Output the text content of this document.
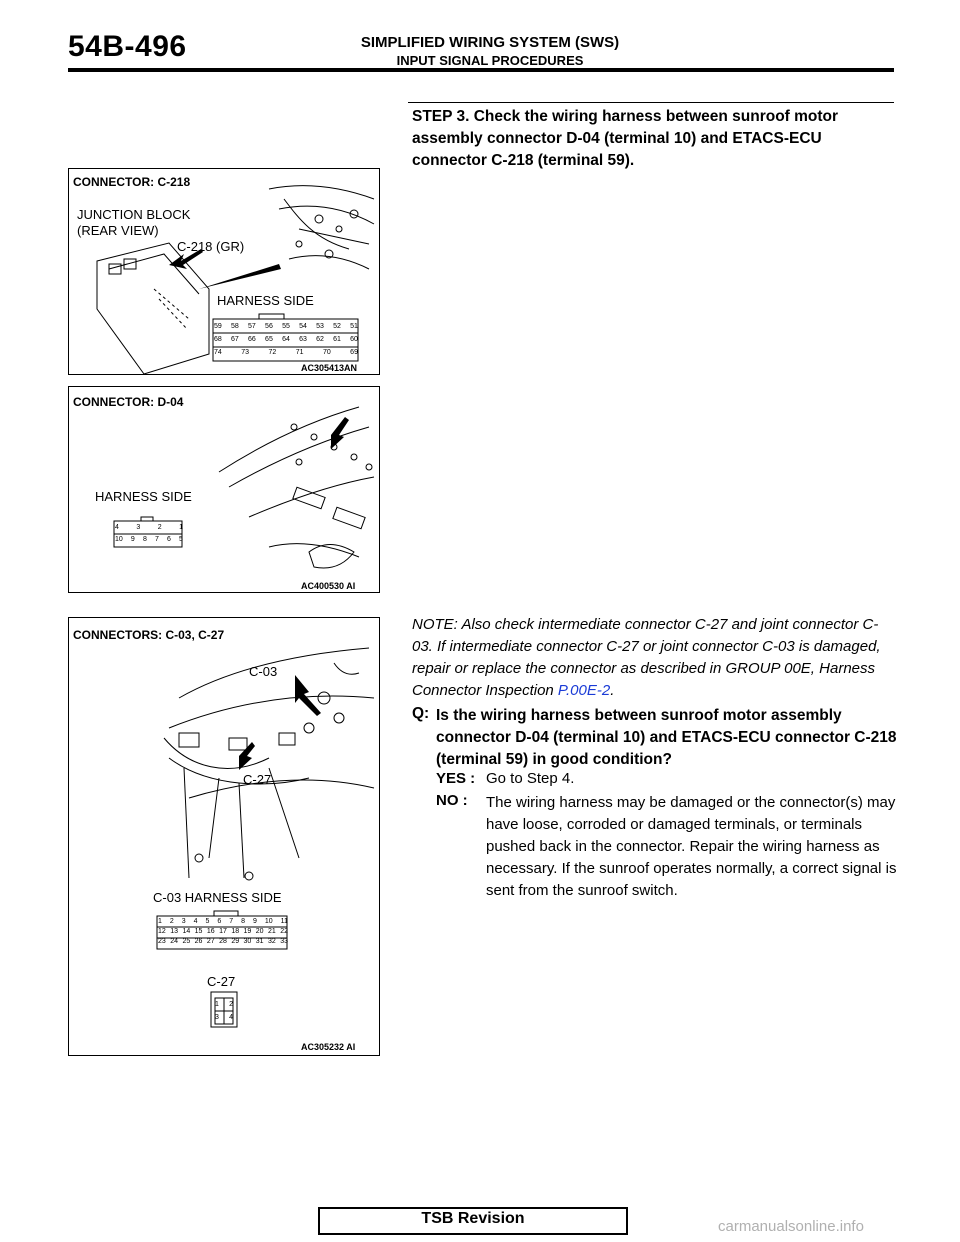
54B-496	SIMPLIFIED WIRING SYSTEM (SWS)
INPUT SIGNAL PROCEDURES
STEP 3. Check the wiring harness between sunroof motor assembly connector D-04 (terminal 10) and ETACS-ECU connector C-218 (terminal 59).
CONNECTOR: C-218
JUNCTION BLOCK
(REAR VIEW)
C-218 (GR)
HARNESS SIDE
59 58 57 56 55 54 53 52 51
68 67 66 65 64 63 62 61 60
74	73	72	71	70	69
AC305413AN
CONNECTOR: D-04
HARNESS SIDE
4 3 2 1
10 9 8 7 6 5
AC400530 AI
CONNECTORS: C-03, C-27
C-03
C-27
C-03 HARNESS SIDE
1 2 3 4 5 6 7 8 9 10 11
12 13 14 15 16 17 18 19 20 21 22
23 24 25 26 27 28 29 30 31 32 33
C-27
1 2
3 4
AC305232 AI
NOTE: Also check intermediate connector C-27 and joint connector C-03. If intermediate connector C-27 or joint connector C-03 is damaged, repair or replace the connector as described in GROUP 00E, Harness Connector Inspection P.00E-2.
Q: Is the wiring harness between sunroof motor assembly connector D-04 (terminal 10) and ETACS-ECU connector C-218 (terminal 59) in good condition?
YES : Go to Step 4.
NO : The wiring harness may be damaged or the connector(s) may have loose, corroded or damaged terminals, or terminals pushed back in the connector. Repair the wiring harness as necessary. If the sunroof operates normally, a correct signal is sent from the sunroof switch.
TSB Revision	carmanualsonline.info
